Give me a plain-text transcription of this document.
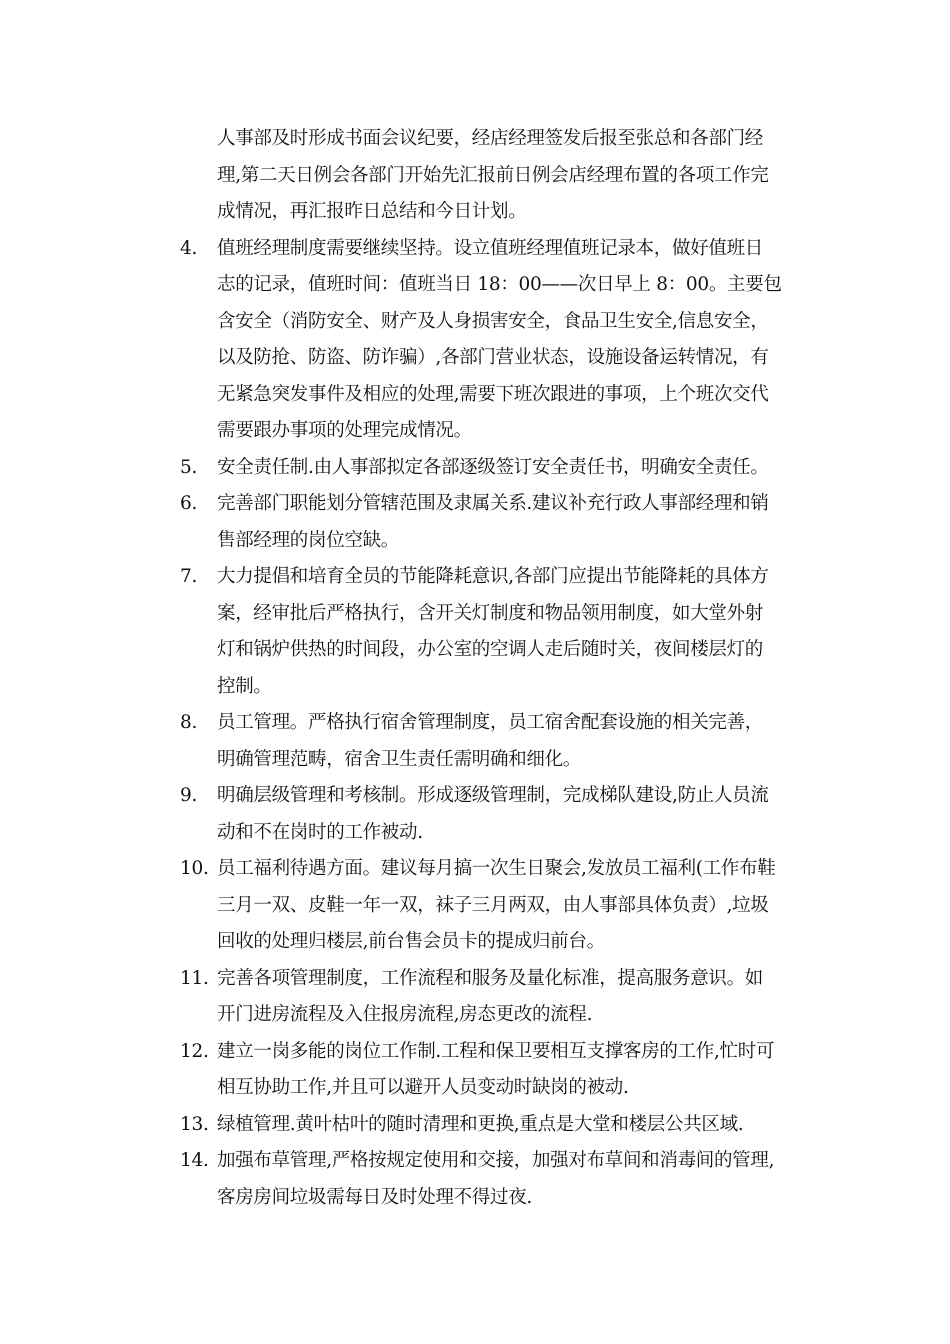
人事部及时形成书面会议纪要，经店经理签发后报至张总和各部门经
理,第二天日例会各部门开始先汇报前日例会店经理布置的各项工作完
成情况，再汇报昨日总结和今日计划。
4.	值班经理制度需要继续坚持。设立值班经理值班记录本，做好值班日
志的记录，值班时间：值班当日 18：00——次日早上 8：00。主要包
含安全（消防安全、财产及人身损害安全，食品卫生安全,信息安全，
以及防抢、防盗、防诈骗）,各部门营业状态，设施设备运转情况，有
无紧急突发事件及相应的处理,需要下班次跟进的事项，上个班次交代
需要跟办事项的处理完成情况。
5.	安全责任制.由人事部拟定各部逐级签订安全责任书，明确安全责任。
6.	完善部门职能划分管辖范围及隶属关系.建议补充行政人事部经理和销
售部经理的岗位空缺。
7.	大力提倡和培育全员的节能降耗意识,各部门应提出节能降耗的具体方
案，经审批后严格执行，含开关灯制度和物品领用制度，如大堂外射
灯和锅炉供热的时间段，办公室的空调人走后随时关，夜间楼层灯的
控制。
8.	员工管理。严格执行宿舍管理制度，员工宿舍配套设施的相关完善，
明确管理范畴，宿舍卫生责任需明确和细化。
9.	明确层级管理和考核制。形成逐级管理制，完成梯队建设,防止人员流
动和不在岗时的工作被动.
10. 员工福利待遇方面。建议每月搞一次生日聚会,发放员工福利(工作布鞋
三月一双、皮鞋一年一双，袜子三月两双，由人事部具体负责）,垃圾
回收的处理归楼层,前台售会员卡的提成归前台。
11. 完善各项管理制度，工作流程和服务及量化标准，提高服务意识。如
开门进房流程及入住报房流程,房态更改的流程.
12. 建立一岗多能的岗位工作制.工程和保卫要相互支撑客房的工作,忙时可
相互协助工作,并且可以避开人员变动时缺岗的被动.
13. 绿植管理.黄叶枯叶的随时清理和更换,重点是大堂和楼层公共区域.
14. 加强布草管理,严格按规定使用和交接，加强对布草间和消毒间的管理,
客房房间垃圾需每日及时处理不得过夜.
